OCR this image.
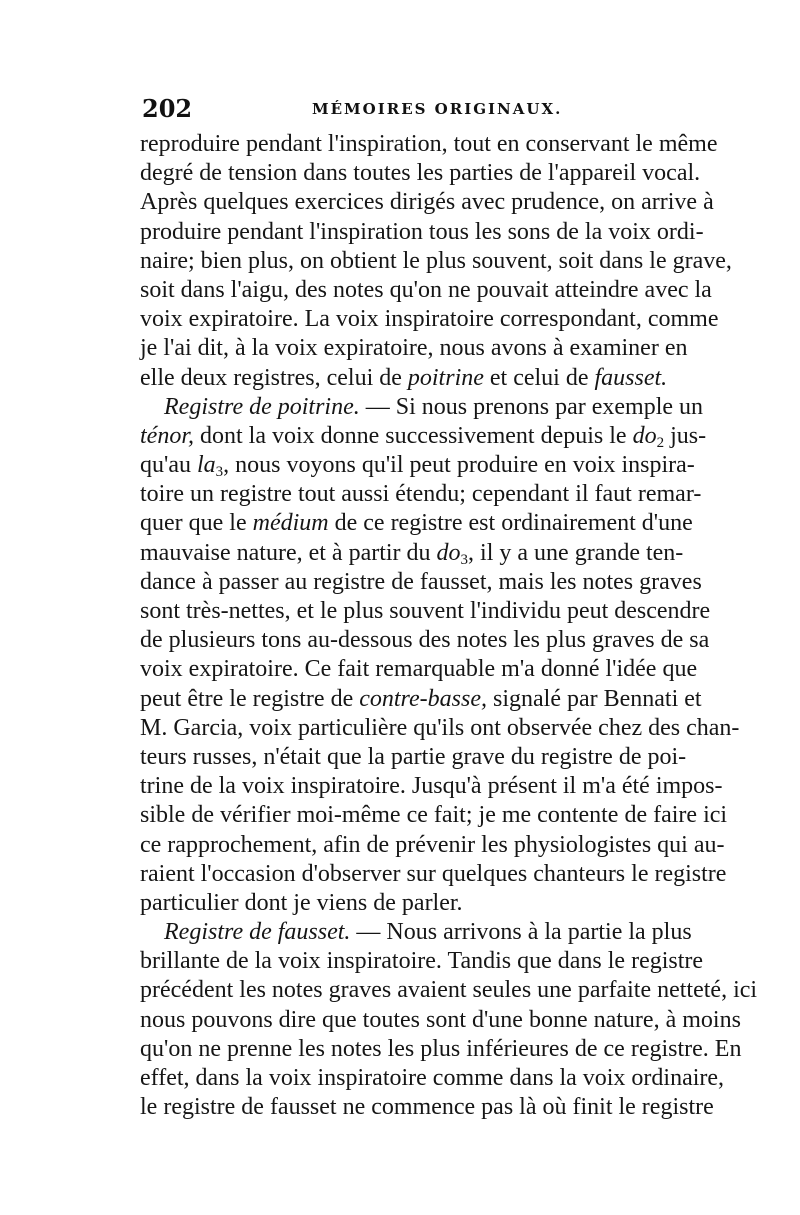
202	MÉMOIRES ORIGINAUX.
reproduire pendant l'inspiration, tout en conservant le même
degré de tension dans toutes les parties de l'appareil vocal.
Après quelques exercices dirigés avec prudence, on arrive à
produire pendant l'inspiration tous les sons de la voix ordi-
naire; bien plus, on obtient le plus souvent, soit dans le grave,
soit dans l'aigu, des notes qu'on ne pouvait atteindre avec la
voix expiratoire. La voix inspiratoire correspondant, comme
je l'ai dit, à la voix expiratoire, nous avons à examiner en
elle deux registres, celui de poitrine et celui de fausset.
Registre de poitrine. — Si nous prenons par exemple un
ténor, dont la voix donne successivement depuis le $do_2$ jus-
qu'au $la_3$, nous voyons qu'il peut produire en voix inspira-
toire un registre tout aussi étendu; cependant il faut remar-
quer que le médium de ce registre est ordinairement d'une
mauvaise nature, et à partir du $do_3$, il y a une grande ten-
dance à passer au registre de fausset, mais les notes graves
sont très-nettes, et le plus souvent l'individu peut descendre
de plusieurs tons au-dessous des notes les plus graves de sa
voix expiratoire. Ce fait remarquable m'a donné l'idée que
peut être le registre de contre-basse, signalé par Bennati et
M. Garcia, voix particulière qu'ils ont observée chez des chan-
teurs russes, n'était que la partie grave du registre de poi-
trine de la voix inspiratoire. Jusqu'à présent il m'a été impos-
sible de vérifier moi-même ce fait; je me contente de faire ici
ce rapprochement, afin de prévenir les physiologistes qui au-
raient l'occasion d'observer sur quelques chanteurs le registre
particulier dont je viens de parler.
Registre de fausset. — Nous arrivons à la partie la plus
brillante de la voix inspiratoire. Tandis que dans le registre
précédent les notes graves avaient seules une parfaite netteté, ici
nous pouvons dire que toutes sont d'une bonne nature, à moins
qu'on ne prenne les notes les plus inférieures de ce registre. En
effet, dans la voix inspiratoire comme dans la voix ordinaire,
le registre de fausset ne commence pas là où finit le registre
